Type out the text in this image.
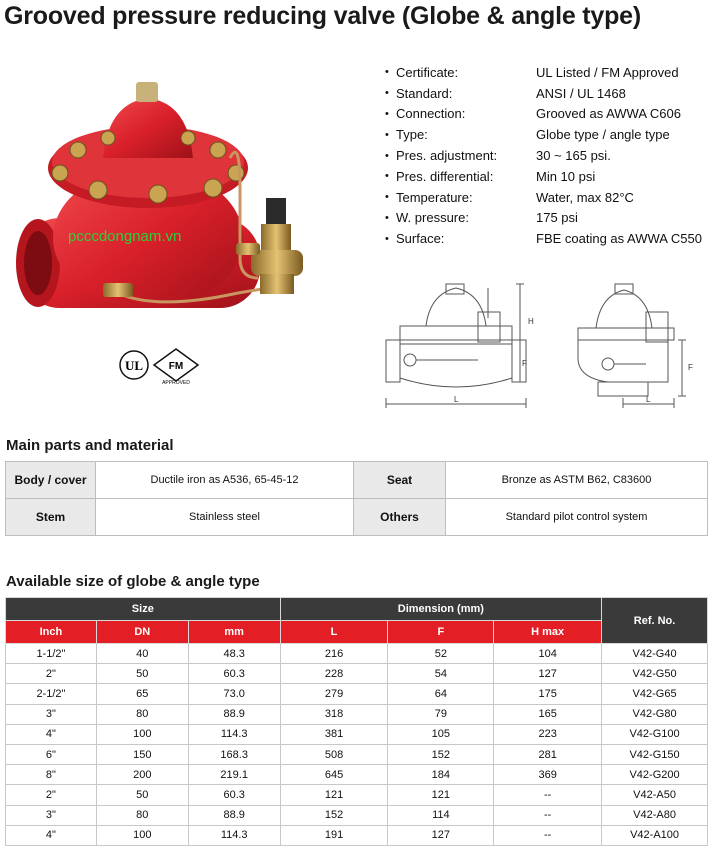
Grooved pressure reducing valve (Globe & angle type)
pcccdongnam.vn
UL	FM
APPROVED
• Certificate:	UL Listed / FM Approved
• Standard:	ANSI / UL 1468
• Connection:	Grooved as AWWA C606
• Type:	Globe type / angle type
• Pres. adjustment:	30 ~ 165 psi.
• Pres. differential:	Min 10 psi
• Temperature:	Water, max 82°C
• W. pressure:	175 psi
• Surface:	FBE coating as AWWA C550
H
L
F
L
F
Main parts and material
Body / cover	Ductile iron as A536, 65-45-12	Seat	Bronze as ASTM B62, C83600
Stem	Stainless steel	Others	Standard pilot control system
Available size of globe & angle type
Size			Dimension (mm)			Ref. No.
Inch	DN	mm	L	F	H max	
1-1/2"	40	48.3	216	52	104	V42-G40
2"	50	60.3	228	54	127	V42-G50
2-1/2"	65	73.0	279	64	175	V42-G65
3"	80	88.9	318	79	165	V42-G80
4"	100	114.3	381	105	223	V42-G100
6"	150	168.3	508	152	281	V42-G150
8"	200	219.1	645	184	369	V42-G200
2"	50	60.3	121	121	--	V42-A50
3"	80	88.9	152	114	--	V42-A80
4"	100	114.3	191	127	--	V42-A100
